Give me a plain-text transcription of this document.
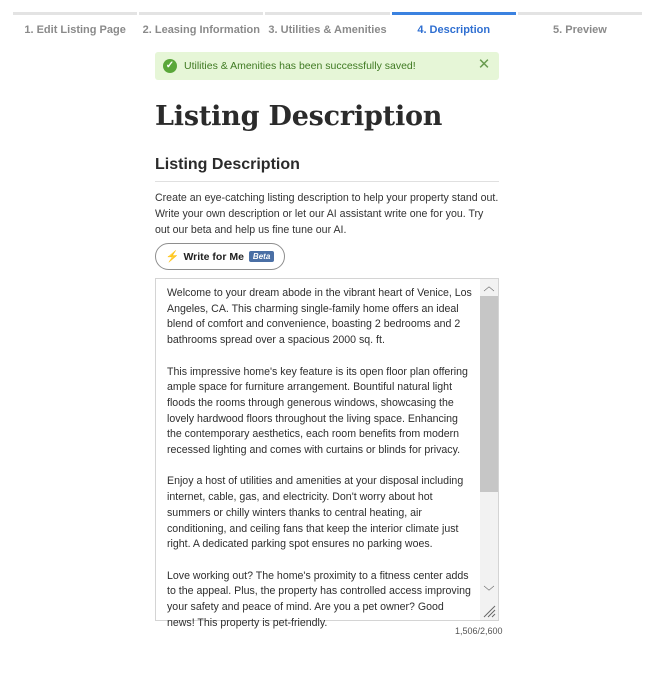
1. Edit Listing Page	2. Leasing Information 3. Utilities & Amenities	4. Description	5. Preview
✓ Utilities & Amenities has been successfully saved!	✕
Listing Description
Listing Description

Create an eye-catching listing description to help your property stand out. Write your own description or let our AI assistant write one for you. Try out our beta and help us fine tune our AI.

⚡ Write for Me	Beta

Welcome to your dream abode in the vibrant heart of Venice, Los Angeles, CA. This charming single-family home offers an ideal blend of comfort and convenience, boasting 2 bedrooms and 2 bathrooms spread over a spacious 2000 sq. ft.

This impressive home's key feature is its open floor plan offering ample space for furniture arrangement. Bountiful natural light floods the rooms through generous windows, showcasing the lovely hardwood floors throughout the living space. Enhancing the contemporary aesthetics, each room benefits from modern recessed lighting and comes with curtains or blinds for privacy.

Enjoy a host of utilities and amenities at your disposal including internet, cable, gas, and electricity. Don't worry about hot summers or chilly winters thanks to central heating, air conditioning, and ceiling fans that keep the interior climate just right. A dedicated parking spot ensures no parking woes.

Love working out? The home's proximity to a fitness center adds to the appeal. Plus, the property has controlled access improving your safety and peace of mind. Are you a pet owner? Good news! This property is pet-friendly.

︿
﹀
1,506/2,600
